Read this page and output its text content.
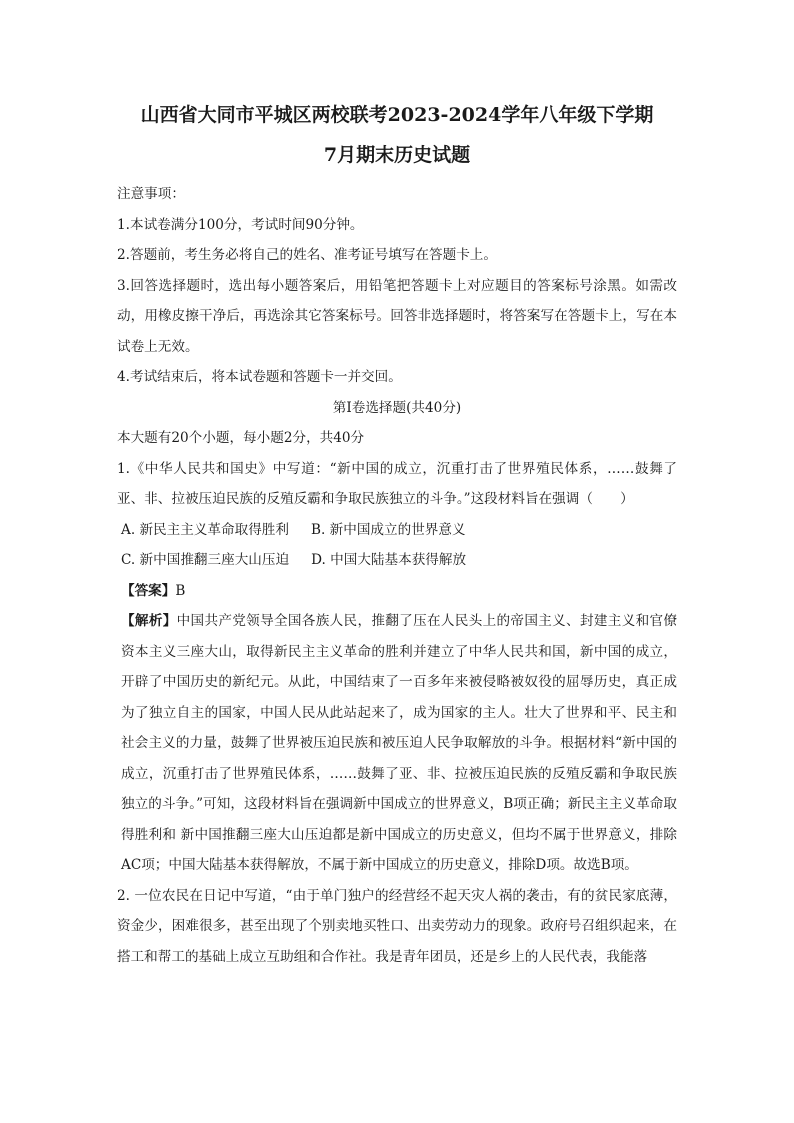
山西省大同市平城区两校联考2023-2024学年八年级下学期
7月期末历史试题

注意事项：

1.本试卷满分100分，考试时间90分钟。

2.答题前，考生务必将自己的姓名、准考证号填写在答题卡上。

3.回答选择题时，选出每小题答案后，用铅笔把答题卡上对应题目的答案标号涂黑。如需改动，用橡皮擦干净后，再选涂其它答案标号。回答非选择题时，将答案写在答题卡上，写在本试卷上无效。

4.考试结束后，将本试卷题和答题卡一并交回。

第Ⅰ卷选择题(共40分)

本大题有20个小题，每小题2分，共40分

1.《中华人民共和国史》中写道：“新中国的成立，沉重打击了世界殖民体系，……鼓舞了亚、非、拉被压迫民族的反殖反霸和争取民族独立的斗争。”这段材料旨在强调（　　）

A. 新民主主义革命取得胜利 B. 新中国成立的世界意义
C. 新中国推翻三座大山压迫 D. 中国大陆基本获得解放

【答案】B

【解析】中国共产党领导全国各族人民，推翻了压在人民头上的帝国主义、封建主义和官僚资本主义三座大山，取得新民主主义革命的胜利并建立了中华人民共和国，新中国的成立，开辟了中国历史的新纪元。从此，中国结束了一百多年来被侵略被奴役的屈辱历史，真正成为了独立自主的国家，中国人民从此站起来了，成为国家的主人。壮大了世界和平、民主和社会主义的力量，鼓舞了世界被压迫民族和被压迫人民争取解放的斗争。根据材料“新中国的成立，沉重打击了世界殖民体系，……鼓舞了亚、非、拉被压迫民族的反殖反霸和争取民族独立的斗争。”可知，这段材料旨在强调新中国成立的世界意义，B项正确；新民主主义革命取得胜利和 新中国推翻三座大山压迫都是新中国成立的历史意义，但均不属于世界意义，排除AC项；中国大陆基本获得解放，不属于新中国成立的历史意义，排除D项。故选B项。

2. 一位农民在日记中写道，“由于单门独户的经营经不起天灾人祸的袭击，有的贫民家底薄，资金少，困难很多，甚至出现了个别卖地买牲口、出卖劳动力的现象。政府号召组织起来，在搭工和帮工的基础上成立互助组和合作社。我是青年团员，还是乡上的人民代表，我能落
